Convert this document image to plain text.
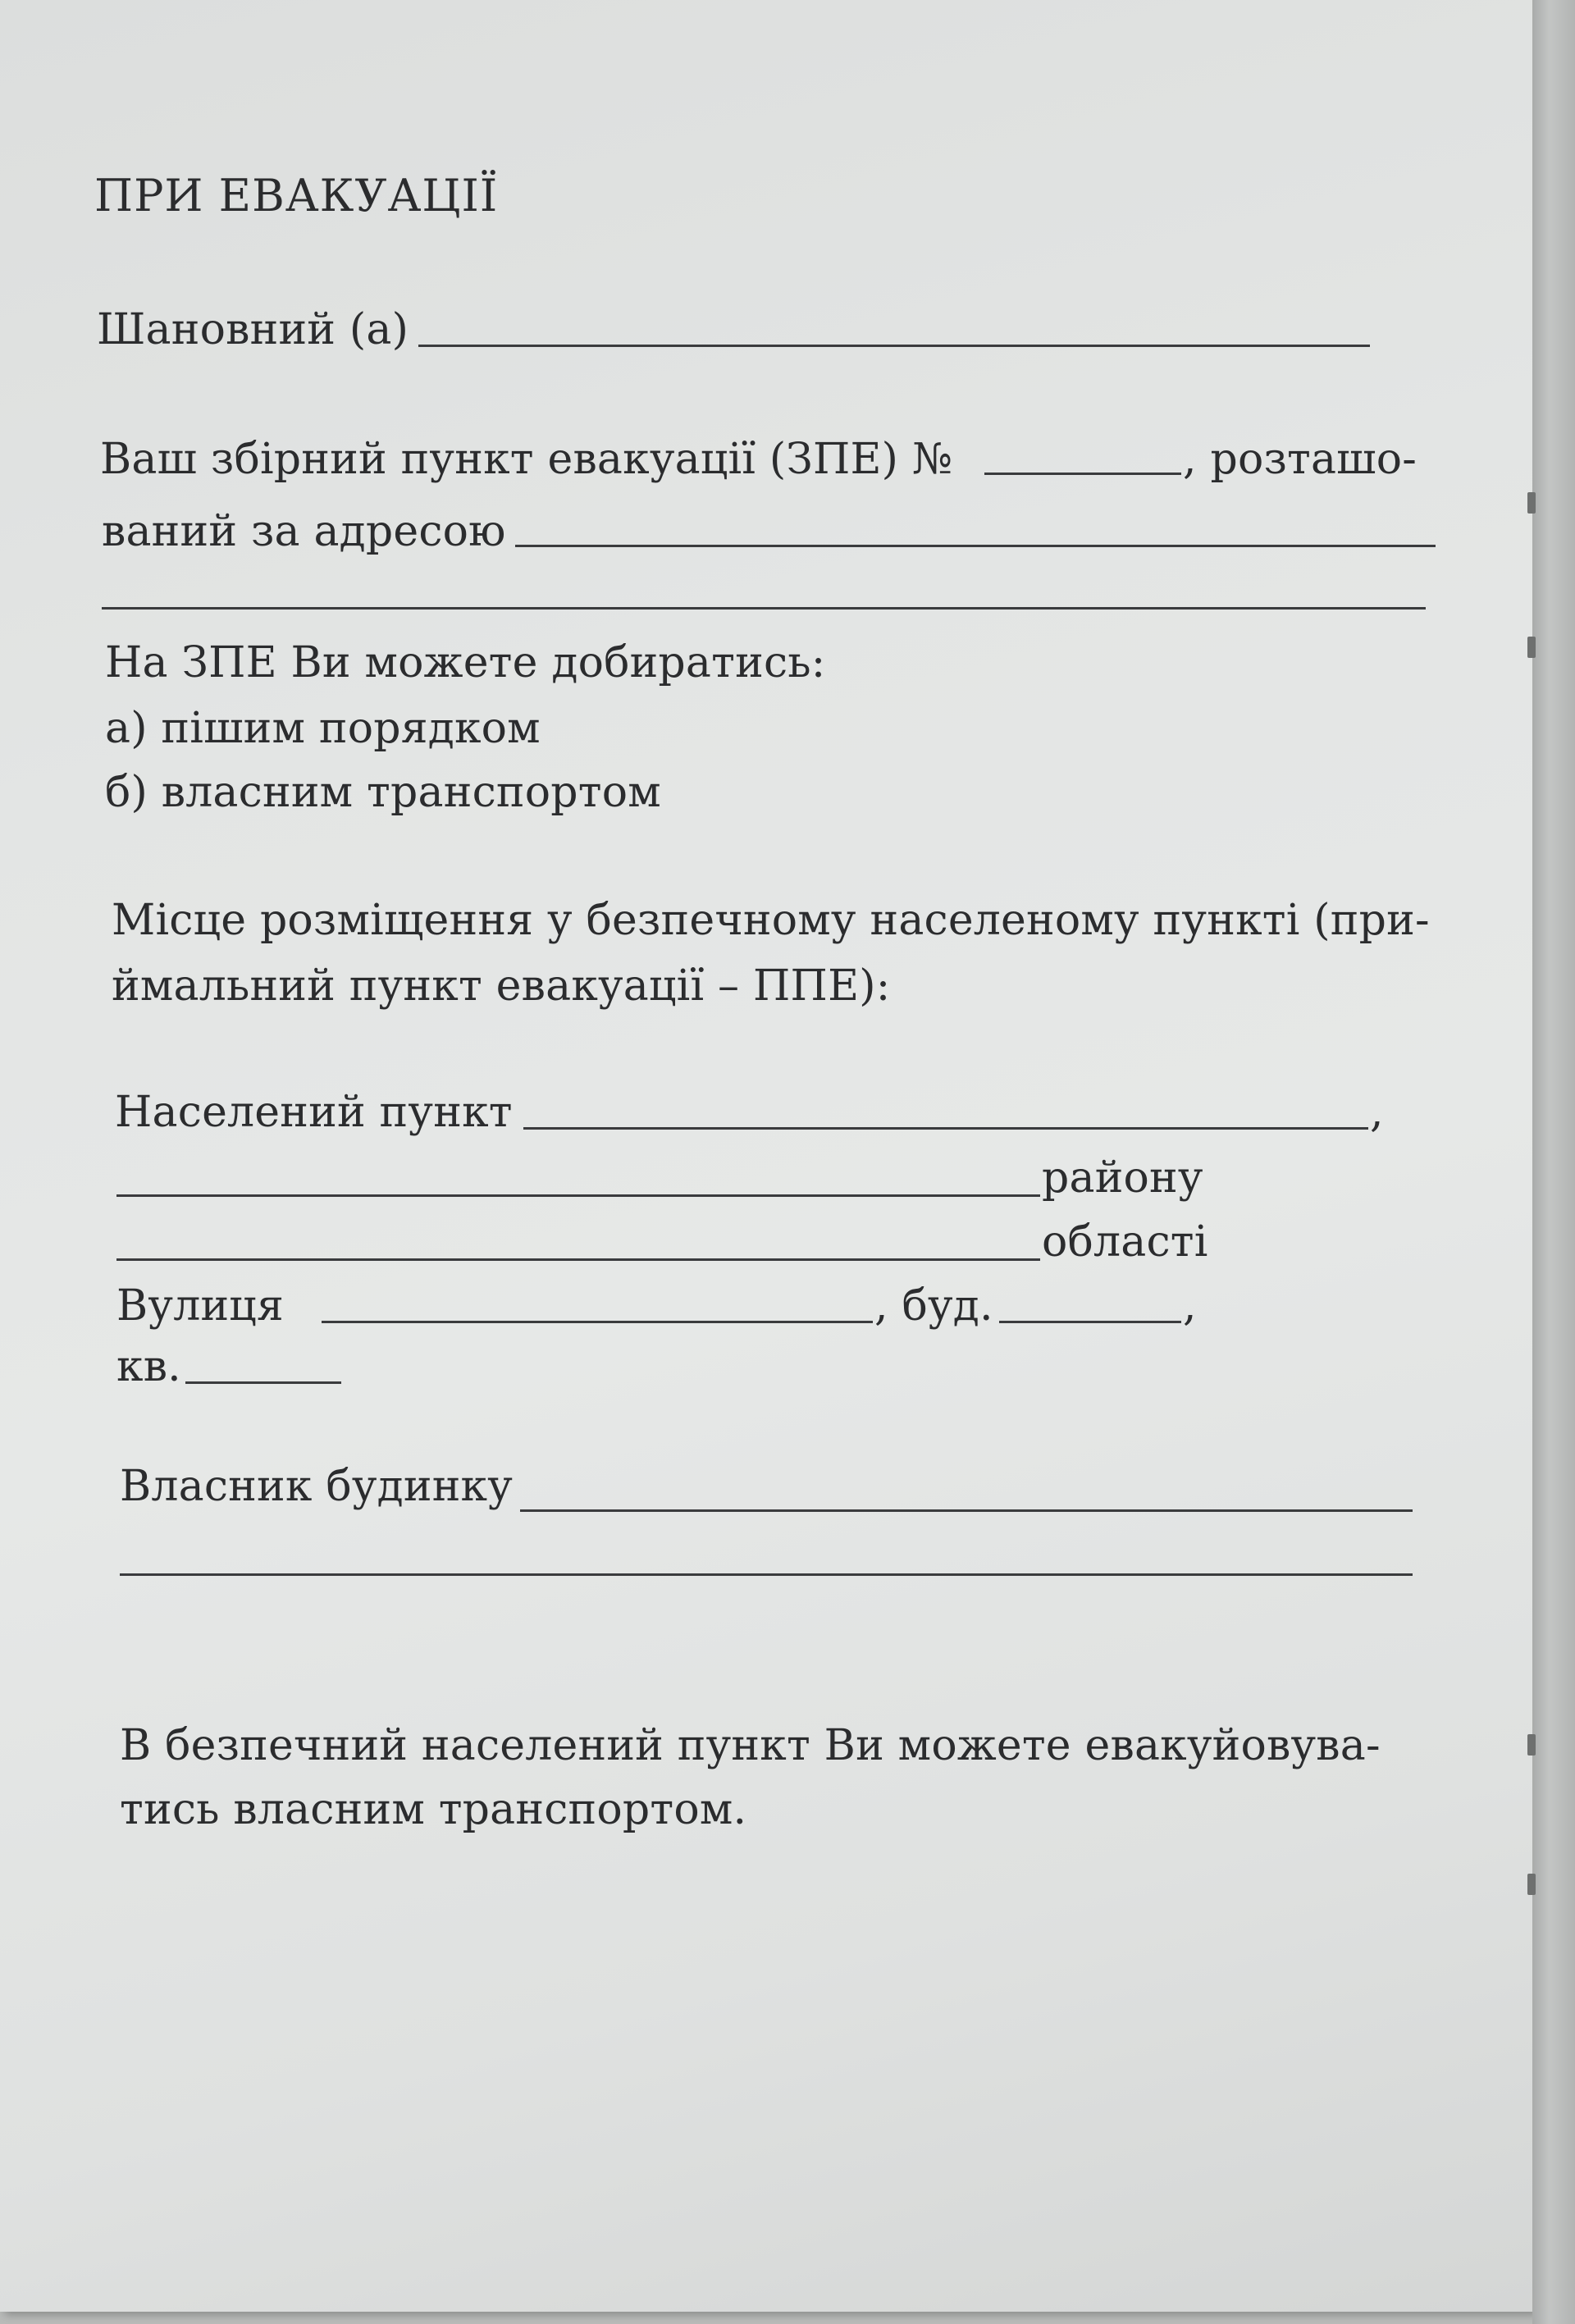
ПРИ ЕВАКУАЦІЇ
Шановний (а)
Ваш збірний пункт евакуації (ЗПЕ) №	, розташо-
ваний за адресою
На ЗПЕ Ви можете добиратись:
а) пішим порядком
б) власним транспортом
Місце розміщення у безпечному населеному пункті (при-
ймальний пункт евакуації – ППЕ):
Населений пункт	,
району
області
Вулиця	, буд.	,
кв.
Власник будинку
В безпечний населений пункт Ви можете евакуйовува-
тись власним транспортом.
